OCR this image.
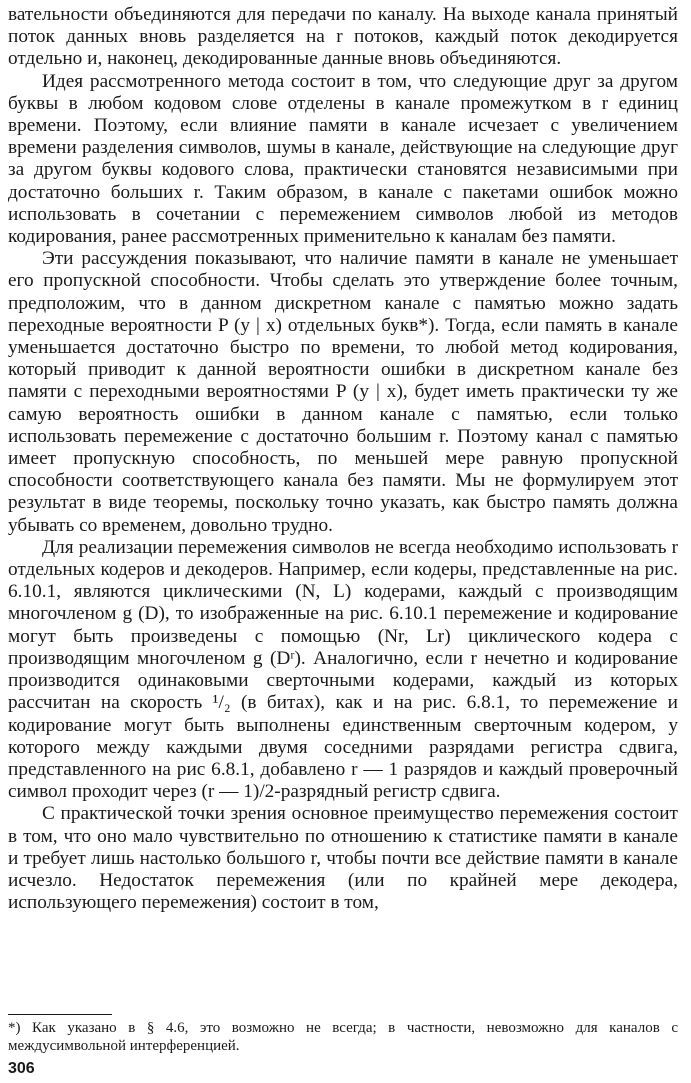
вательности объединяются для передачи по каналу. На выходе канала принятый поток данных вновь разделяется на r потоков, каждый поток декодируется отдельно и, наконец, декодированные данные вновь объединяются.

Идея рассмотренного метода состоит в том, что следующие друг за другом буквы в любом кодовом слове отделены в канале промежутком в r единиц времени. Поэтому, если влияние памяти в канале исчезает с увеличением времени разделения символов, шумы в канале, действующие на следующие друг за другом буквы кодового слова, практически становятся независимыми при достаточно больших r. Таким образом, в канале с пакетами ошибок можно использовать в сочетании с перемежением символов любой из методов кодирования, ранее рассмотренных применительно к каналам без памяти.

Эти рассуждения показывают, что наличие памяти в канале не уменьшает его пропускной способности. Чтобы сделать это утверждение более точным, предположим, что в данном дискретном канале с памятью можно задать переходные вероятности P (y | x) отдельных букв*). Тогда, если память в канале уменьшается достаточно быстро по времени, то любой метод кодирования, который приводит к данной вероятности ошибки в дискретном канале без памяти с переходными вероятностями P (y | x), будет иметь практически ту же самую вероятность ошибки в данном канале с памятью, если только использовать перемежение с достаточно большим r. Поэтому канал с памятью имеет пропускную способность, по меньшей мере равную пропускной способности соответствующего канала без памяти. Мы не формулируем этот результат в виде теоремы, поскольку точно указать, как быстро память должна убывать со временем, довольно трудно.

Для реализации перемежения символов не всегда необходимо использовать r отдельных кодеров и декодеров. Например, если кодеры, представленные на рис. 6.10.1, являются циклическими (N, L) кодерами, каждый с производящим многочленом g (D), то изображенные на рис. 6.10.1 перемежение и кодирование могут быть произведены с помощью (Nr, Lr) циклического кодера с производящим многочленом g (Dʳ). Аналогично, если r нечетно и кодирование производится одинаковыми сверточными кодерами, каждый из которых рассчитан на скорость ¹/₂ (в битах), как и на рис. 6.8.1, то перемежение и кодирование могут быть выполнены единственным сверточным кодером, у которого между каждыми двумя соседними разрядами регистра сдвига, представленного на рис 6.8.1, добавлено r — 1 разрядов и каждый проверочный символ проходит через (r — 1)/2-разрядный регистр сдвига.

С практической точки зрения основное преимущество перемежения состоит в том, что оно мало чувствительно по отношению к статистике памяти в канале и требует лишь настолько большого r, чтобы почти все действие памяти в канале исчезло. Недостаток перемежения (или по крайней мере декодера, использующего перемежения) состоит в том,

*) Как указано в § 4.6, это возможно не всегда; в частности, невозможно для каналов с междусимвольной интерференцией.
306
